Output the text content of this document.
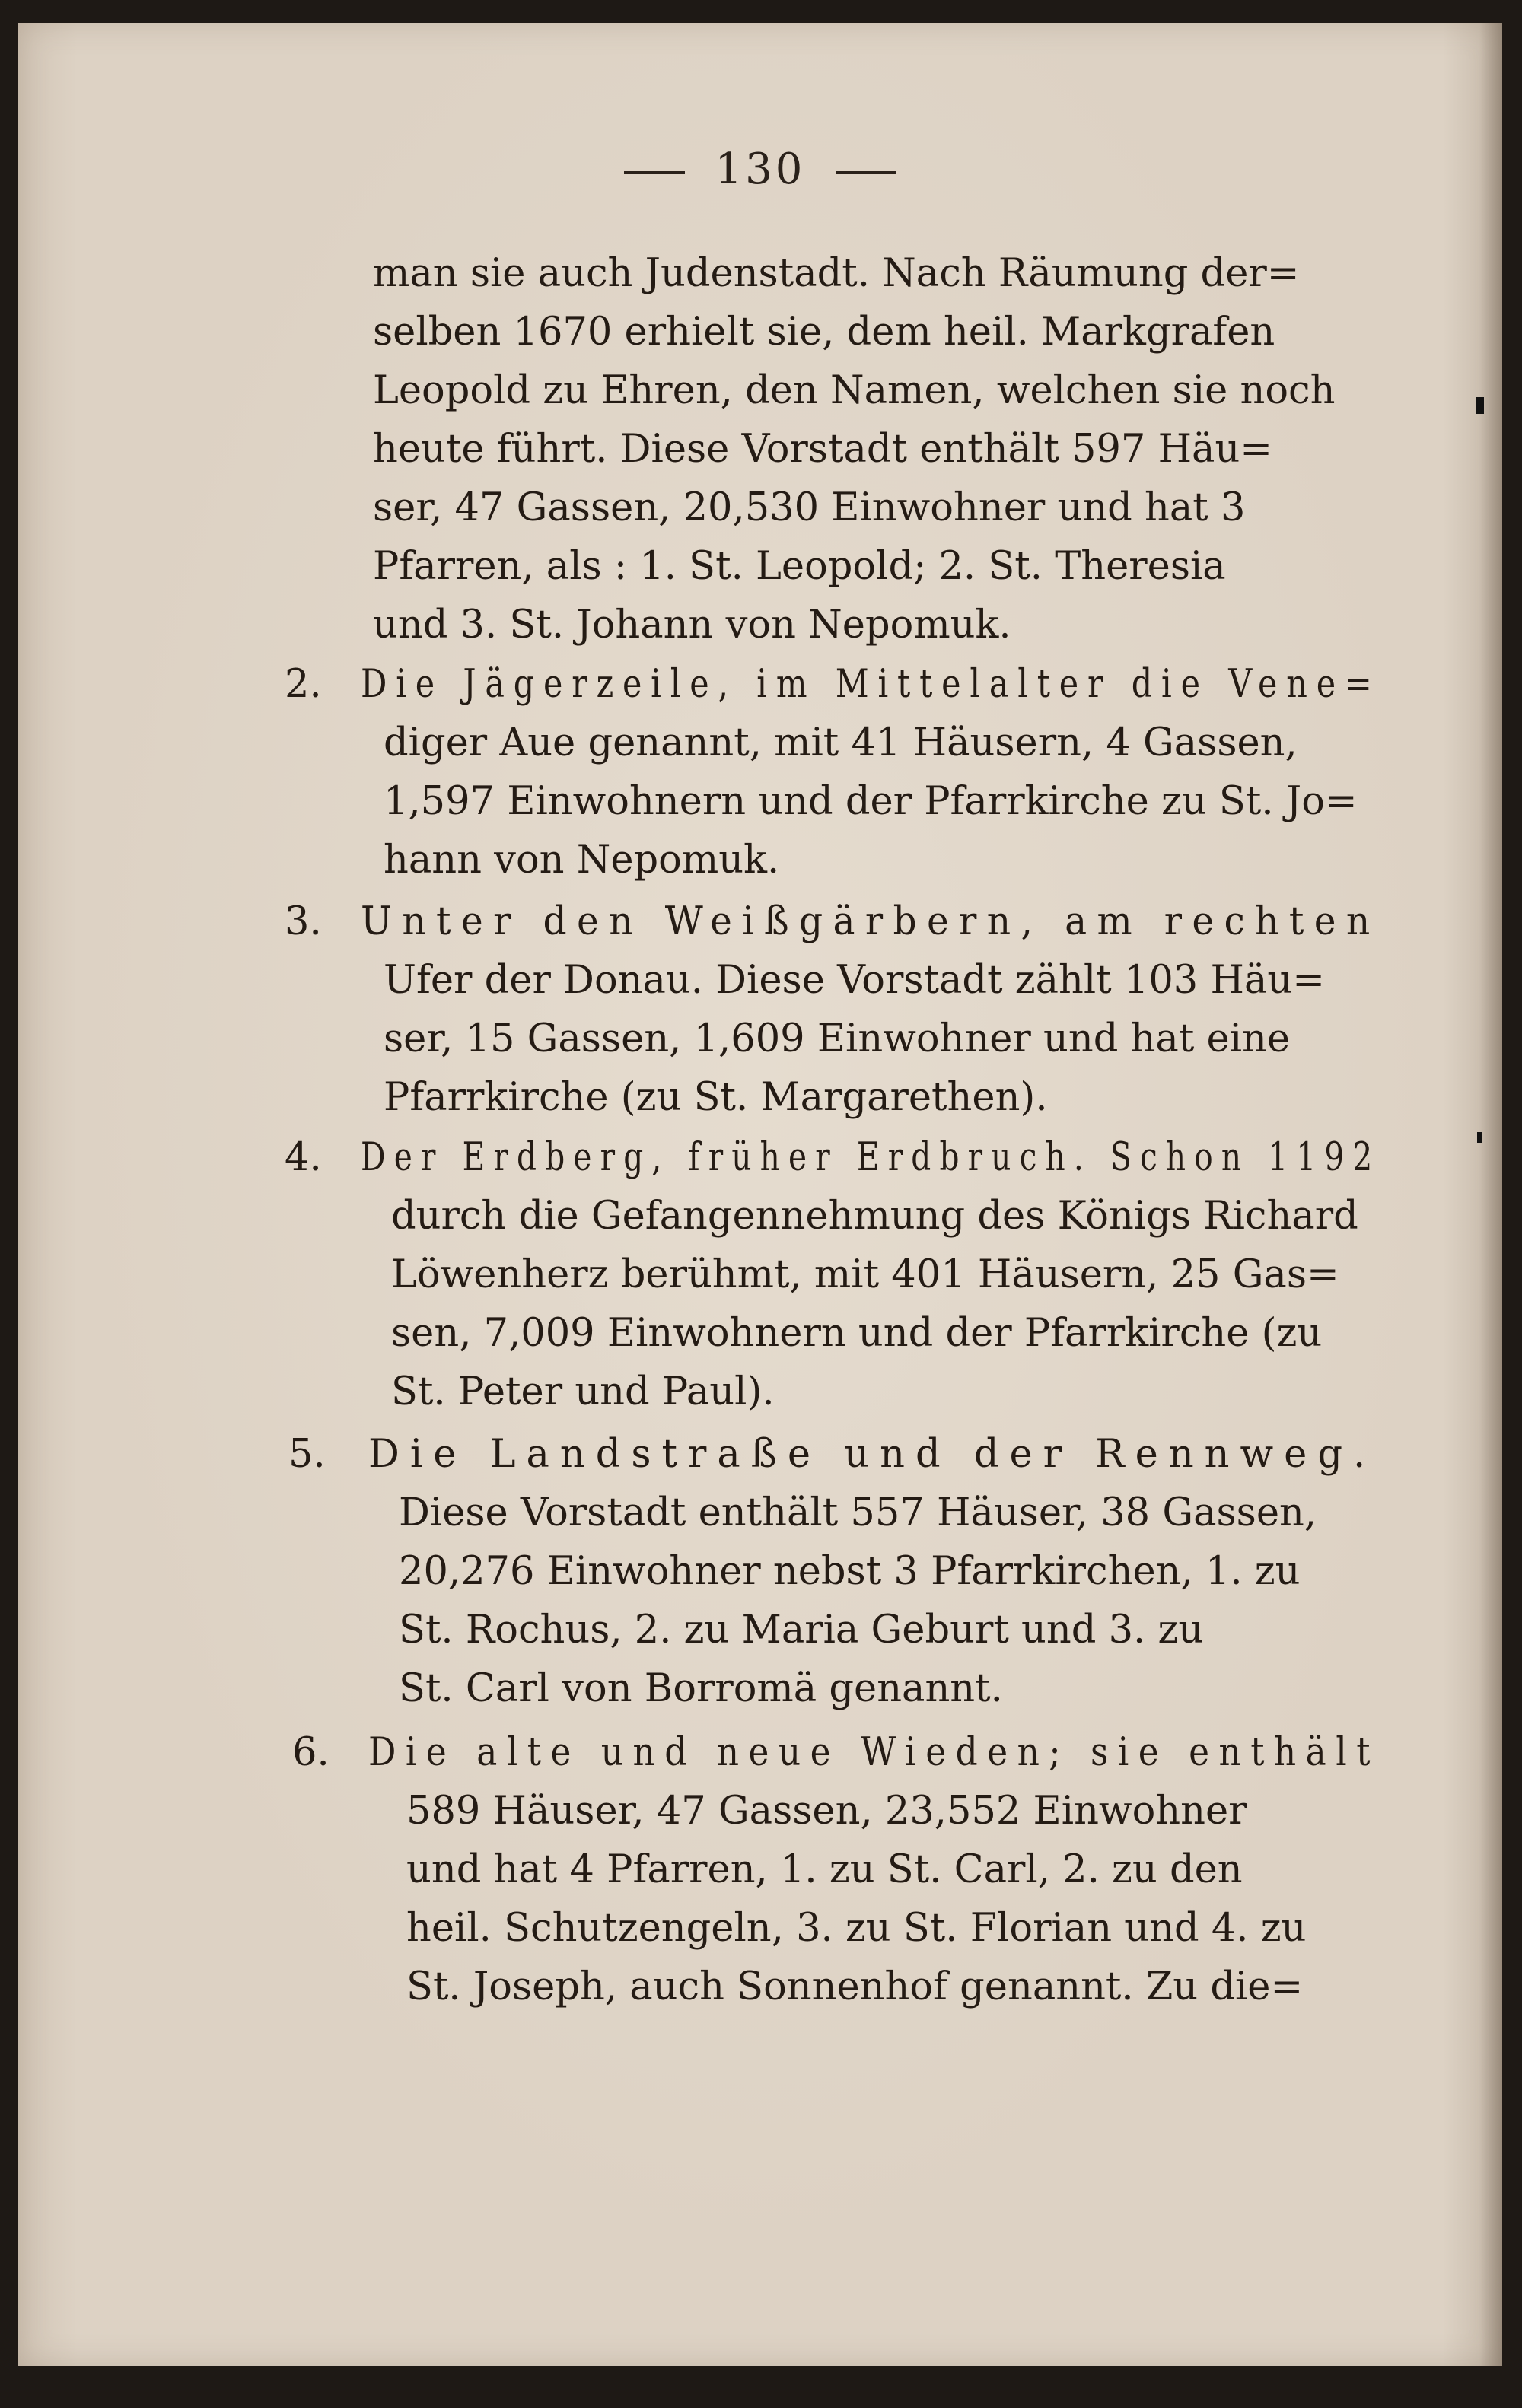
130
man sie auch Judenstadt. Nach Räumung der=
selben 1670 erhielt sie, dem heil. Markgrafen
Leopold zu Ehren, den Namen, welchen sie noch
heute führt. Diese Vorstadt enthält 597 Häu=
ser, 47 Gassen, 20,530 Einwohner und hat 3
Pfarren, als : 1. St. Leopold; 2. St. Theresia
und 3. St. Johann von Nepomuk.
2. Die Jägerzeile, im Mittelalter die Vene=
diger Aue genannt, mit 41 Häusern, 4 Gassen,
1,597 Einwohnern und der Pfarrkirche zu St. Jo=
hann von Nepomuk.
3. Unter den Weißgärbern, am rechten
Ufer der Donau. Diese Vorstadt zählt 103 Häu=
ser, 15 Gassen, 1,609 Einwohner und hat eine
Pfarrkirche (zu St. Margarethen).
4. Der Erdberg, früher Erdbruch. Schon 1192
durch die Gefangennehmung des Königs Richard
Löwenherz berühmt, mit 401 Häusern, 25 Gas=
sen, 7,009 Einwohnern und der Pfarrkirche (zu
St. Peter und Paul).
5. Die Landstraße und der Rennweg.
Diese Vorstadt enthält 557 Häuser, 38 Gassen,
20,276 Einwohner nebst 3 Pfarrkirchen, 1. zu
St. Rochus, 2. zu Maria Geburt und 3. zu
St. Carl von Borromä genannt.
6. Die alte und neue Wieden; sie enthält
589 Häuser, 47 Gassen, 23,552 Einwohner
und hat 4 Pfarren, 1. zu St. Carl, 2. zu den
heil. Schutzengeln, 3. zu St. Florian und 4. zu
St. Joseph, auch Sonnenhof genannt. Zu die=
